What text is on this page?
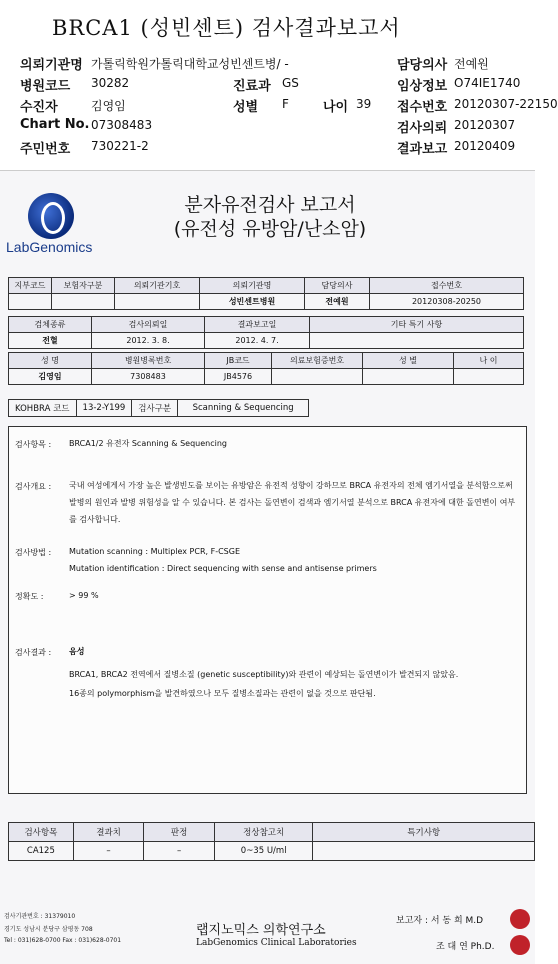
BRCA1 (성빈센트) 검사결과보고서
의뢰기관명 가톨릭학원가톨릭대학교성빈센트병/ -	담당의사 전예원
병원코드 30282	진료과 GS	임상정보 O74IE1740
수진자	김영임	성별 F	나이 39 접수번호 20120307-22150
Chart No. 07308483	검사의뢰 20120307
주민번호 730221-2	결과보고 20120409
LabGenomics
분자유전검사 보고서
(유전성 유방암/난소암)
지부코드	보험자구분	의뢰기관기호	의뢰기관명	담당의사	접수번호
			성빈센트병원	전예원	20120308-20250
검체종류	검사의뢰일	결과보고일	기타 특기 사항
전혈	2012. 3. 8.	2012. 4. 7.	
성 명	병원병록번호	JB코드	의료보험증번호	성 별	나 이
김영임	7308483	JB4576			
KOHBRA 코드	13-2-Y199	검사구분	Scanning & Sequencing
검사항목 : BRCA1/2 유전자 Scanning & Sequencing
검사개요 : 국내 여성에게서 가장 높은 발생빈도를 보이는 유방암은 유전적 성향이 강하므로 BRCA 유전자의 전체 엠기서열을 분석함으로써 발병의 원인과 발병 위험성을 알 수 있습니다. 본 검사는 돌연변이 검색과 엠기서열 분석으로 BRCA 유전자에 대한 돌연변이 여부를 검사합니다.
검사방법 : Mutation scanning : Multiplex PCR, F-CSGE
Mutation identification : Direct sequencing with sense and antisense primers
정확도 :	> 99 %
검사결과 : 음성
BRCA1, BRCA2 전역에서 질병소질 (genetic susceptibility)와 관련이 예상되는 돌연변이가 발견되지 않았음.
16종의 polymorphism을 발견하였으나 모두 질병소질과는 관련이 없을 것으로 판단됨.
검사항목	결과치	판정	정상참고치	특기사항
CA125	–	–	0~35 U/ml	
검사기관번호 : 31379010
경기도 성남시 분당구 삼평동 708
Tel : 031)628-0700 Fax : 031)628-0701
랩지노믹스 의학연구소
LabGenomics Clinical Laboratories
보고자 : 서 동 희 M.D
조 대 연 Ph.D.
